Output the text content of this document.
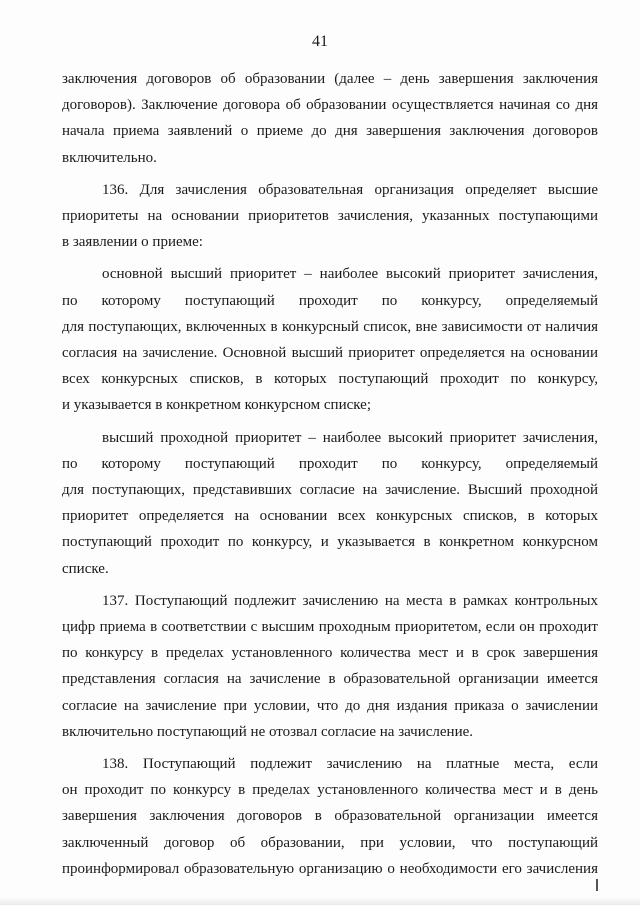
41
заключения договоров об образовании (далее – день завершения заключения
договоров). Заключение договора об образовании осуществляется начиная со дня
начала приема заявлений о приеме до дня завершения заключения договоров
включительно.
136. Для зачисления образовательная организация определяет высшие
приоритеты на основании приоритетов зачисления, указанных поступающими
в заявлении о приеме:
основной высший приоритет – наиболее высокий приоритет зачисления,
по которому поступающий проходит по конкурсу, определяемый
для поступающих, включенных в конкурсный список, вне зависимости от наличия
согласия на зачисление. Основной высший приоритет определяется на основании
всех конкурсных списков, в которых поступающий проходит по конкурсу,
и указывается в конкретном конкурсном списке;
высший проходной приоритет – наиболее высокий приоритет зачисления,
по которому поступающий проходит по конкурсу, определяемый
для поступающих, представивших согласие на зачисление. Высший проходной
приоритет определяется на основании всех конкурсных списков, в которых
поступающий проходит по конкурсу, и указывается в конкретном конкурсном
списке.
137. Поступающий подлежит зачислению на места в рамках контрольных
цифр приема в соответствии с высшим проходным приоритетом, если он проходит
по конкурсу в пределах установленного количества мест и в срок завершения
представления согласия на зачисление в образовательной организации имеется
согласие на зачисление при условии, что до дня издания приказа о зачислении
включительно поступающий не отозвал согласие на зачисление.
138. Поступающий подлежит зачислению на платные места, если
он проходит по конкурсу в пределах установленного количества мест и в день
завершения заключения договоров в образовательной организации имеется
заключенный договор об образовании, при условии, что поступающий
проинформировал образовательную организацию о необходимости его зачисления
